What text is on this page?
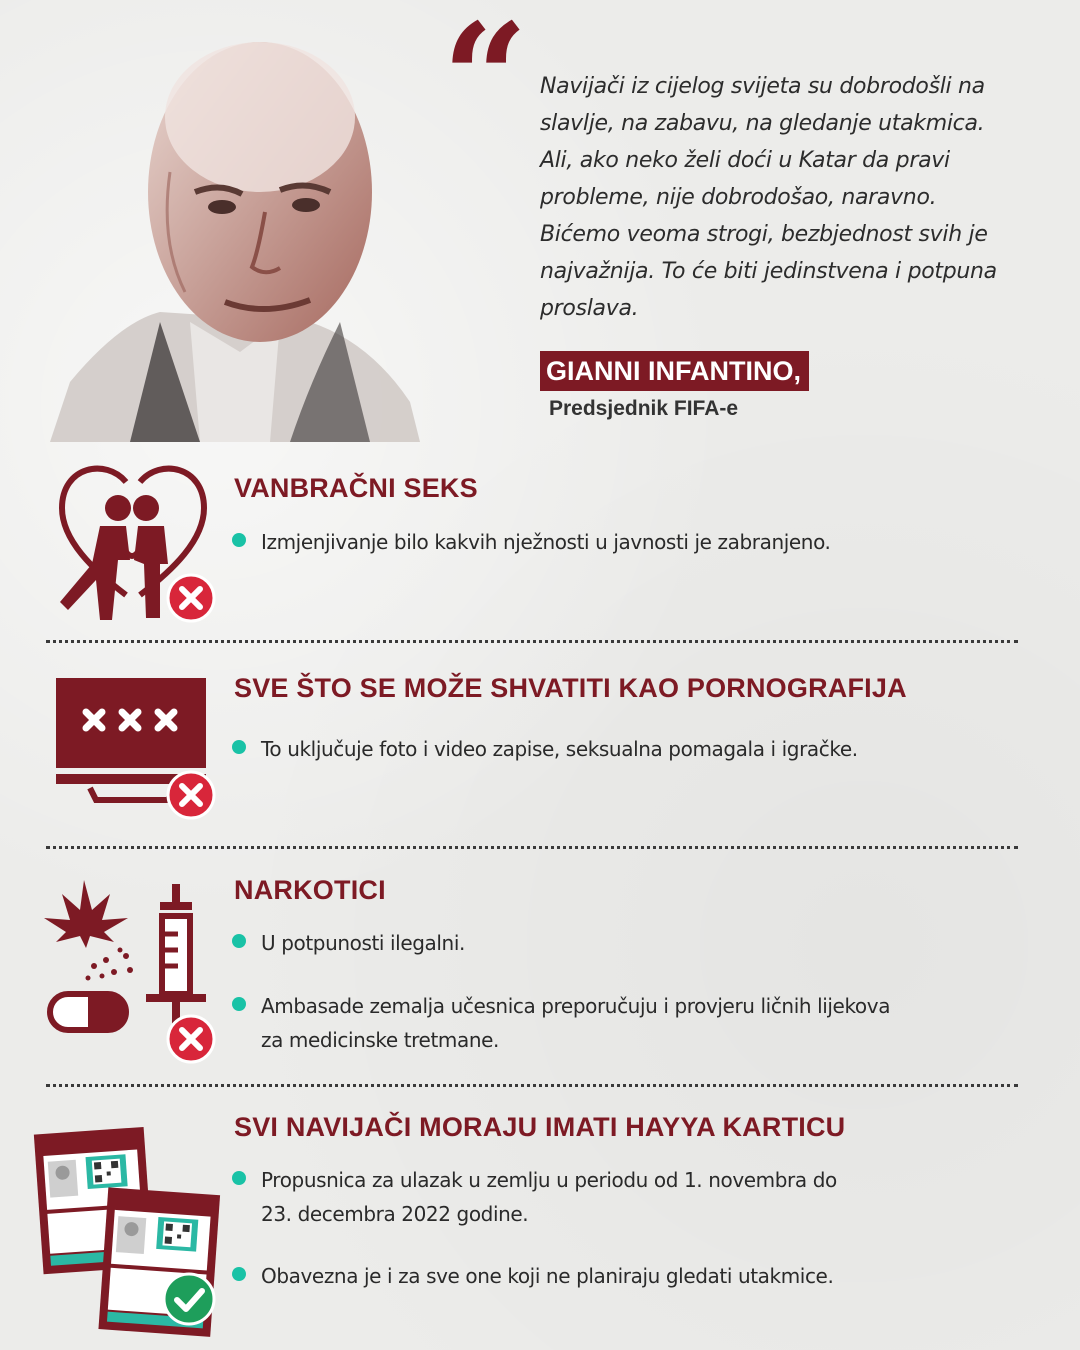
“ Navijači iz cijelog svijeta su dobrodošli na
slavlje, na zabavu, na gledanje utakmica.
Ali, ako neko želi doći u Katar da pravi
probleme, nije dobrodošao, naravno.
Bićemo veoma strogi, bezbjednost svih je
najvažnija. To će biti jedinstvena i potpuna
proslava.

GIANNI INFANTINO,
Predsjednik FIFA-e
VANBRAČNI SEKS
Izmjenjivanje bilo kakvih nježnosti u javnosti je zabranjeno.
SVE ŠTO SE MOŽE SHVATITI KAO PORNOGRAFIJA
To uključuje foto i video zapise, seksualna pomagala i igračke.
NARKOTICI
U potpunosti ilegalni.
Ambasade zemalja učesnica preporučuju i provjeru ličnih lijekova
za medicinske tretmane.
SVI NAVIJAČI MORAJU IMATI HAYYA KARTICU
Propusnica za ulazak u zemlju u periodu od 1. novembra do
23. decembra 2022 godine.
Obavezna je i za sve one koji ne planiraju gledati utakmice.
